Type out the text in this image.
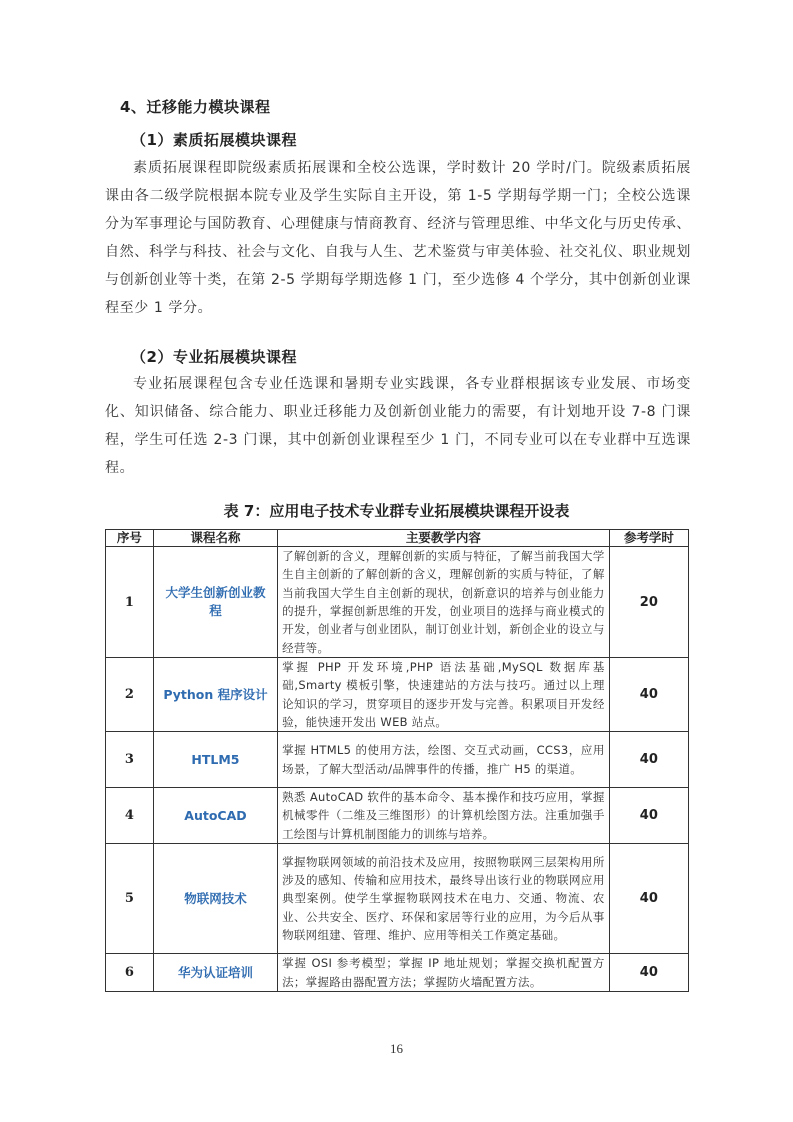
4、迁移能力模块课程
（1）素质拓展模块课程
素质拓展课程即院级素质拓展课和全校公选课，学时数计 20 学时/门。院级素质拓展课由各二级学院根据本院专业及学生实际自主开设，第 1-5 学期每学期一门；全校公选课分为军事理论与国防教育、心理健康与情商教育、经济与管理思维、中华文化与历史传承、自然、科学与科技、社会与文化、自我与人生、艺术鉴赏与审美体验、社交礼仪、职业规划与创新创业等十类，在第 2-5 学期每学期选修 1 门，至少选修 4 个学分，其中创新创业课程至少 1 学分。
（2）专业拓展模块课程
专业拓展课程包含专业任选课和暑期专业实践课，各专业群根据该专业发展、市场变化、知识储备、综合能力、职业迁移能力及创新创业能力的需要，有计划地开设 7-8 门课程，学生可任选 2-3 门课，其中创新创业课程至少 1 门，不同专业可以在专业群中互选课程。
表 7：应用电子技术专业群专业拓展模块课程开设表
序号	课程名称	主要教学内容	参考学时
1	大学生创新创业教程	了解创新的含义，理解创新的实质与特征，了解当前我国大学生自主创新的了解创新的含义，理解创新的实质与特征，了解当前我国大学生自主创新的现状，创新意识的培养与创业能力的提升，掌握创新思维的开发，创业项目的选择与商业模式的开发，创业者与创业团队，制订创业计划，新创企业的设立与经营等。	20
2	Python 程序设计	掌握 PHP 开发环境,PHP 语法基础,MySQL 数据库基础,Smarty 模板引擎，快速建站的方法与技巧。通过以上理论知识的学习，贯穿项目的逐步开发与完善。积累项目开发经验，能快速开发出 WEB 站点。	40
3	HTLM5	掌握 HTML5 的使用方法，绘图、交互式动画，CCS3，应用场景，了解大型活动/品牌事件的传播，推广 H5 的渠道。	40
4	AutoCAD	熟悉 AutoCAD 软件的基本命令、基本操作和技巧应用，掌握机械零件（二维及三维图形）的计算机绘图方法。注重加强手工绘图与计算机制图能力的训练与培养。	40
5	物联网技术	掌握物联网领域的前沿技术及应用，按照物联网三层架构用所涉及的感知、传输和应用技术，最终导出该行业的物联网应用典型案例。使学生掌握物联网技术在电力、交通、物流、农业、公共安全、医疗、环保和家居等行业的应用，为今后从事物联网组建、管理、维护、应用等相关工作奠定基础。	40
6	华为认证培训	掌握 OSI 参考模型；掌握 IP 地址规划；掌握交换机配置方法；掌握路由器配置方法；掌握防火墙配置方法。	40
16
